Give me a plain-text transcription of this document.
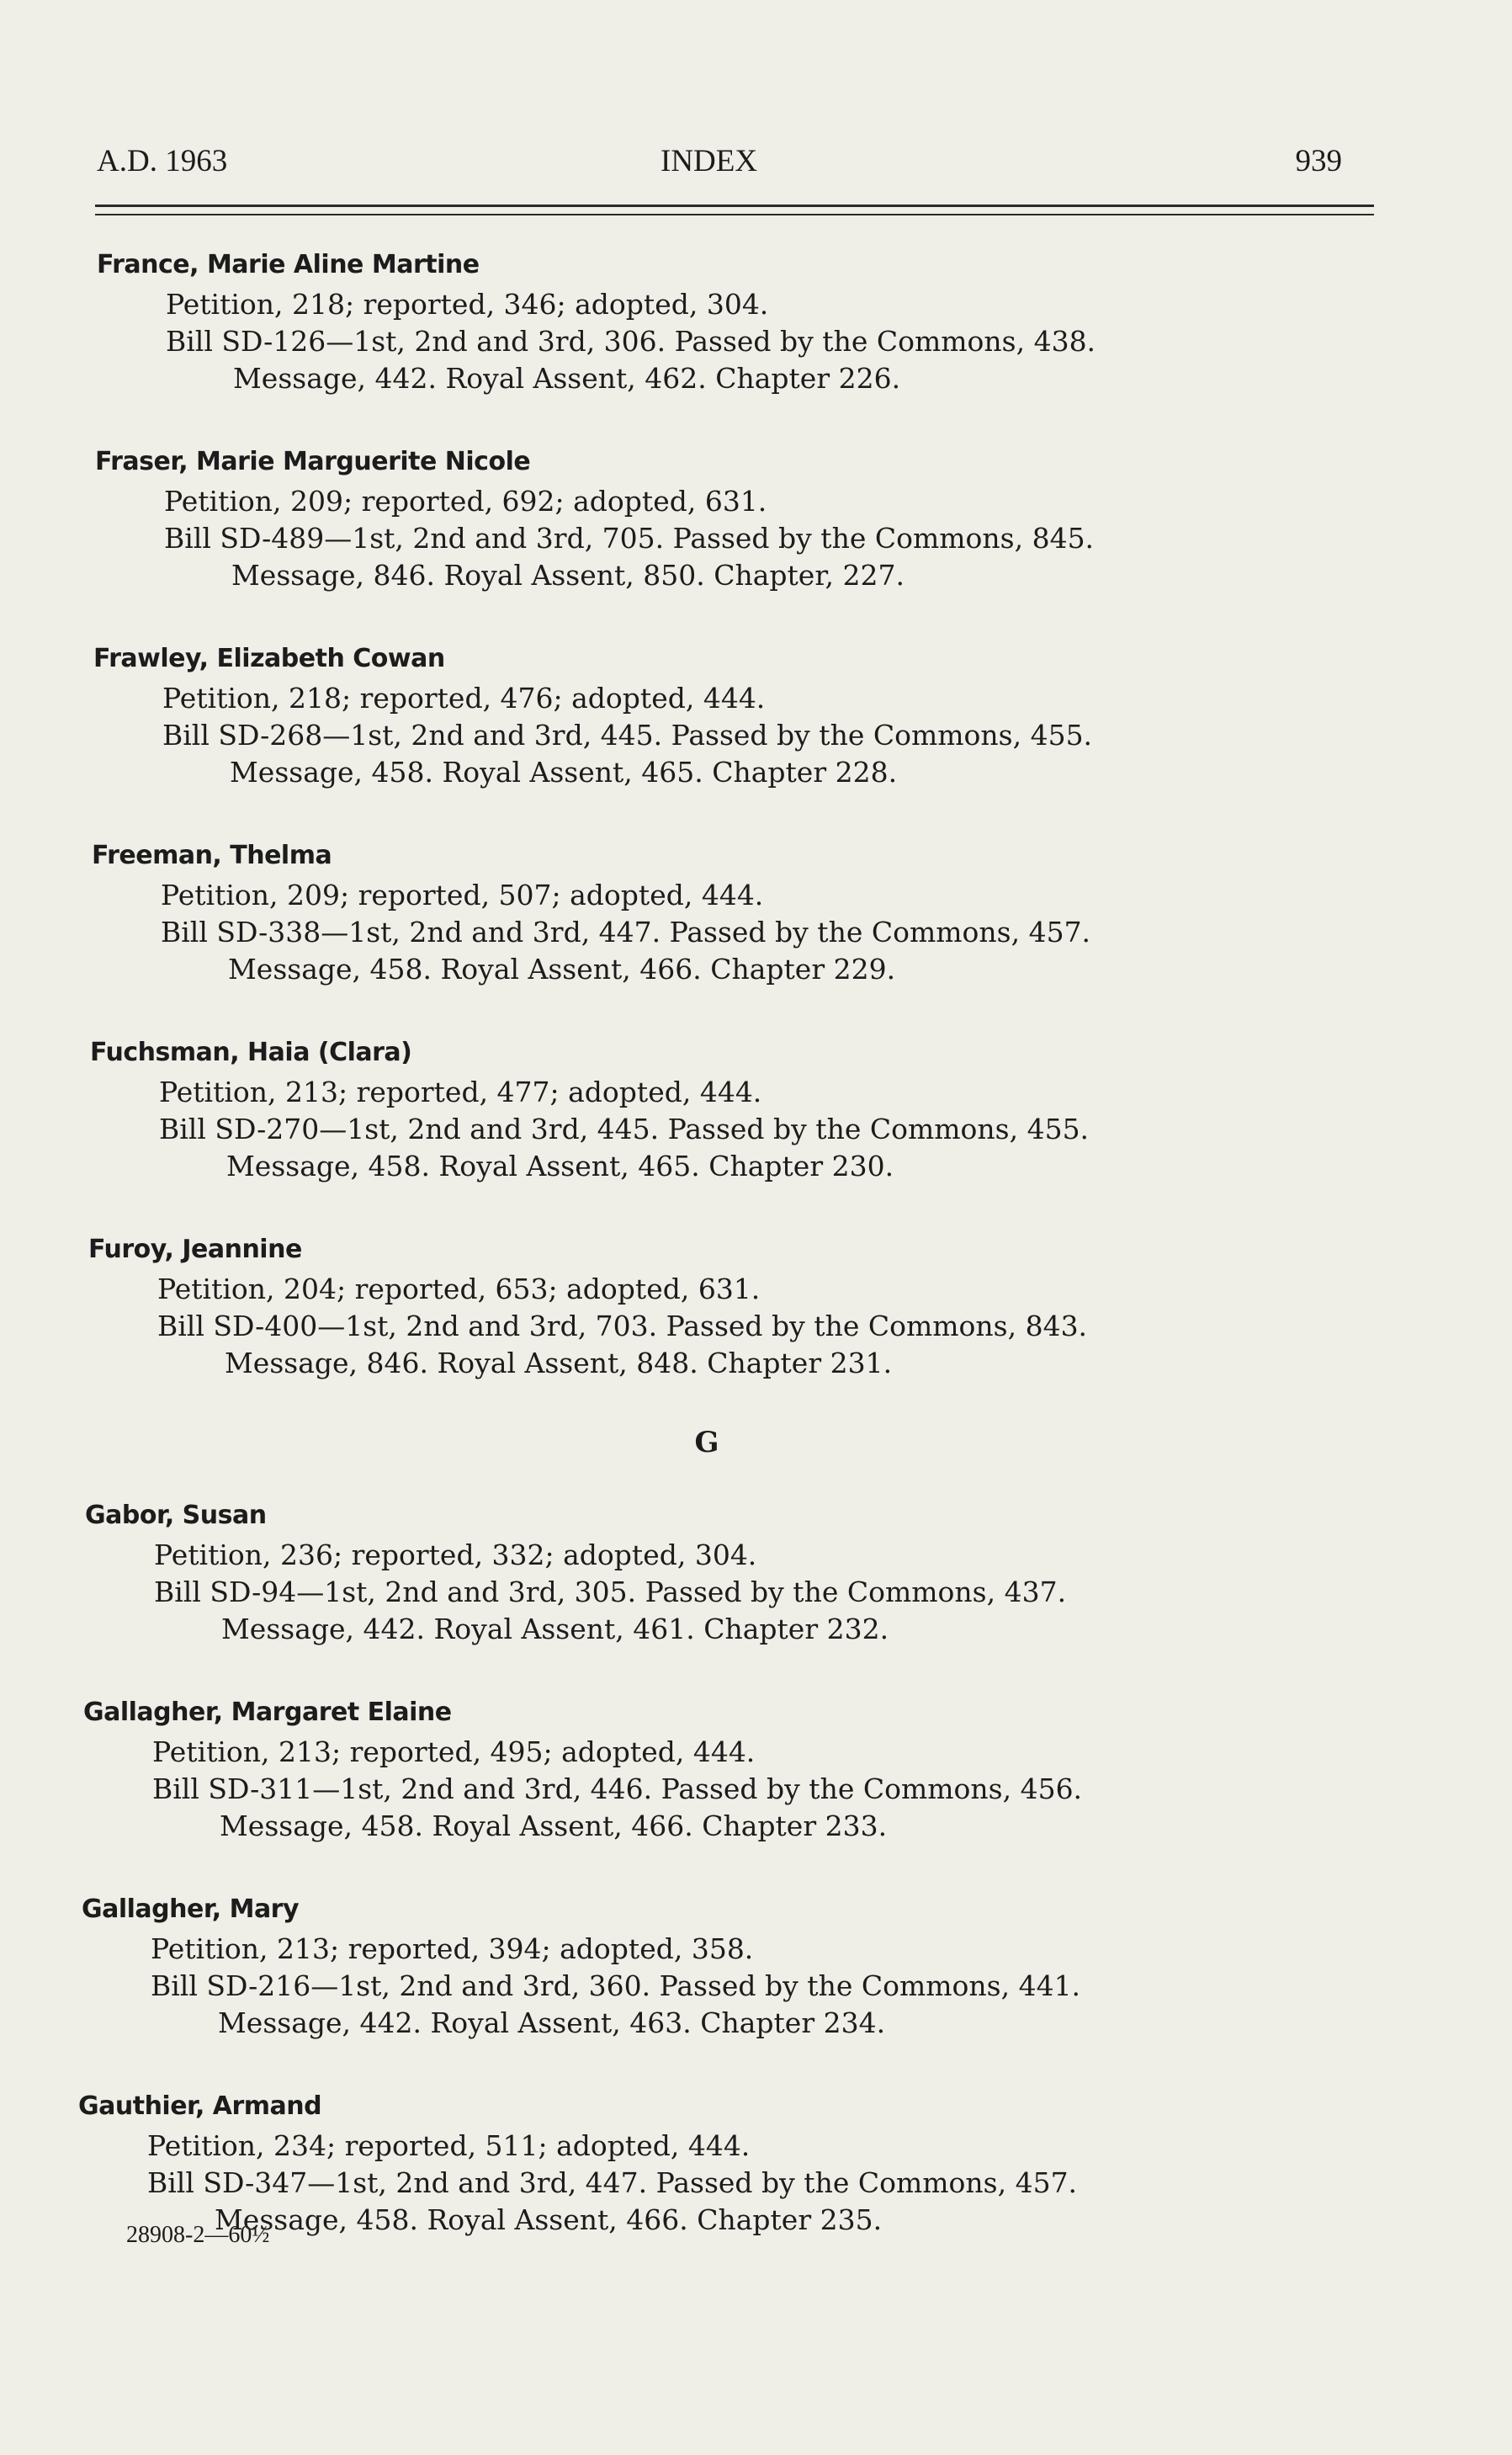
A.D. 1963	INDEX	939
France, Marie Aline Martine
Petition, 218; reported, 346; adopted, 304.
Bill SD-126—1st, 2nd and 3rd, 306. Passed by the Commons, 438.
Message, 442. Royal Assent, 462. Chapter 226.
Fraser, Marie Marguerite Nicole
Petition, 209; reported, 692; adopted, 631.
Bill SD-489—1st, 2nd and 3rd, 705. Passed by the Commons, 845.
Message, 846. Royal Assent, 850. Chapter, 227.
Frawley, Elizabeth Cowan
Petition, 218; reported, 476; adopted, 444.
Bill SD-268—1st, 2nd and 3rd, 445. Passed by the Commons, 455.
Message, 458. Royal Assent, 465. Chapter 228.
Freeman, Thelma
Petition, 209; reported, 507; adopted, 444.
Bill SD-338—1st, 2nd and 3rd, 447. Passed by the Commons, 457.
Message, 458. Royal Assent, 466. Chapter 229.
Fuchsman, Haia (Clara)
Petition, 213; reported, 477; adopted, 444.
Bill SD-270—1st, 2nd and 3rd, 445. Passed by the Commons, 455.
Message, 458. Royal Assent, 465. Chapter 230.
Furoy, Jeannine
Petition, 204; reported, 653; adopted, 631.
Bill SD-400—1st, 2nd and 3rd, 703. Passed by the Commons, 843.
Message, 846. Royal Assent, 848. Chapter 231.
G
Gabor, Susan
Petition, 236; reported, 332; adopted, 304.
Bill SD-94—1st, 2nd and 3rd, 305. Passed by the Commons, 437.
Message, 442. Royal Assent, 461. Chapter 232.
Gallagher, Margaret Elaine
Petition, 213; reported, 495; adopted, 444.
Bill SD-311—1st, 2nd and 3rd, 446. Passed by the Commons, 456.
Message, 458. Royal Assent, 466. Chapter 233.
Gallagher, Mary
Petition, 213; reported, 394; adopted, 358.
Bill SD-216—1st, 2nd and 3rd, 360. Passed by the Commons, 441.
Message, 442. Royal Assent, 463. Chapter 234.
Gauthier, Armand
Petition, 234; reported, 511; adopted, 444.
Bill SD-347—1st, 2nd and 3rd, 447. Passed by the Commons, 457.
Message, 458. Royal Assent, 466. Chapter 235.
28908-2—60½
